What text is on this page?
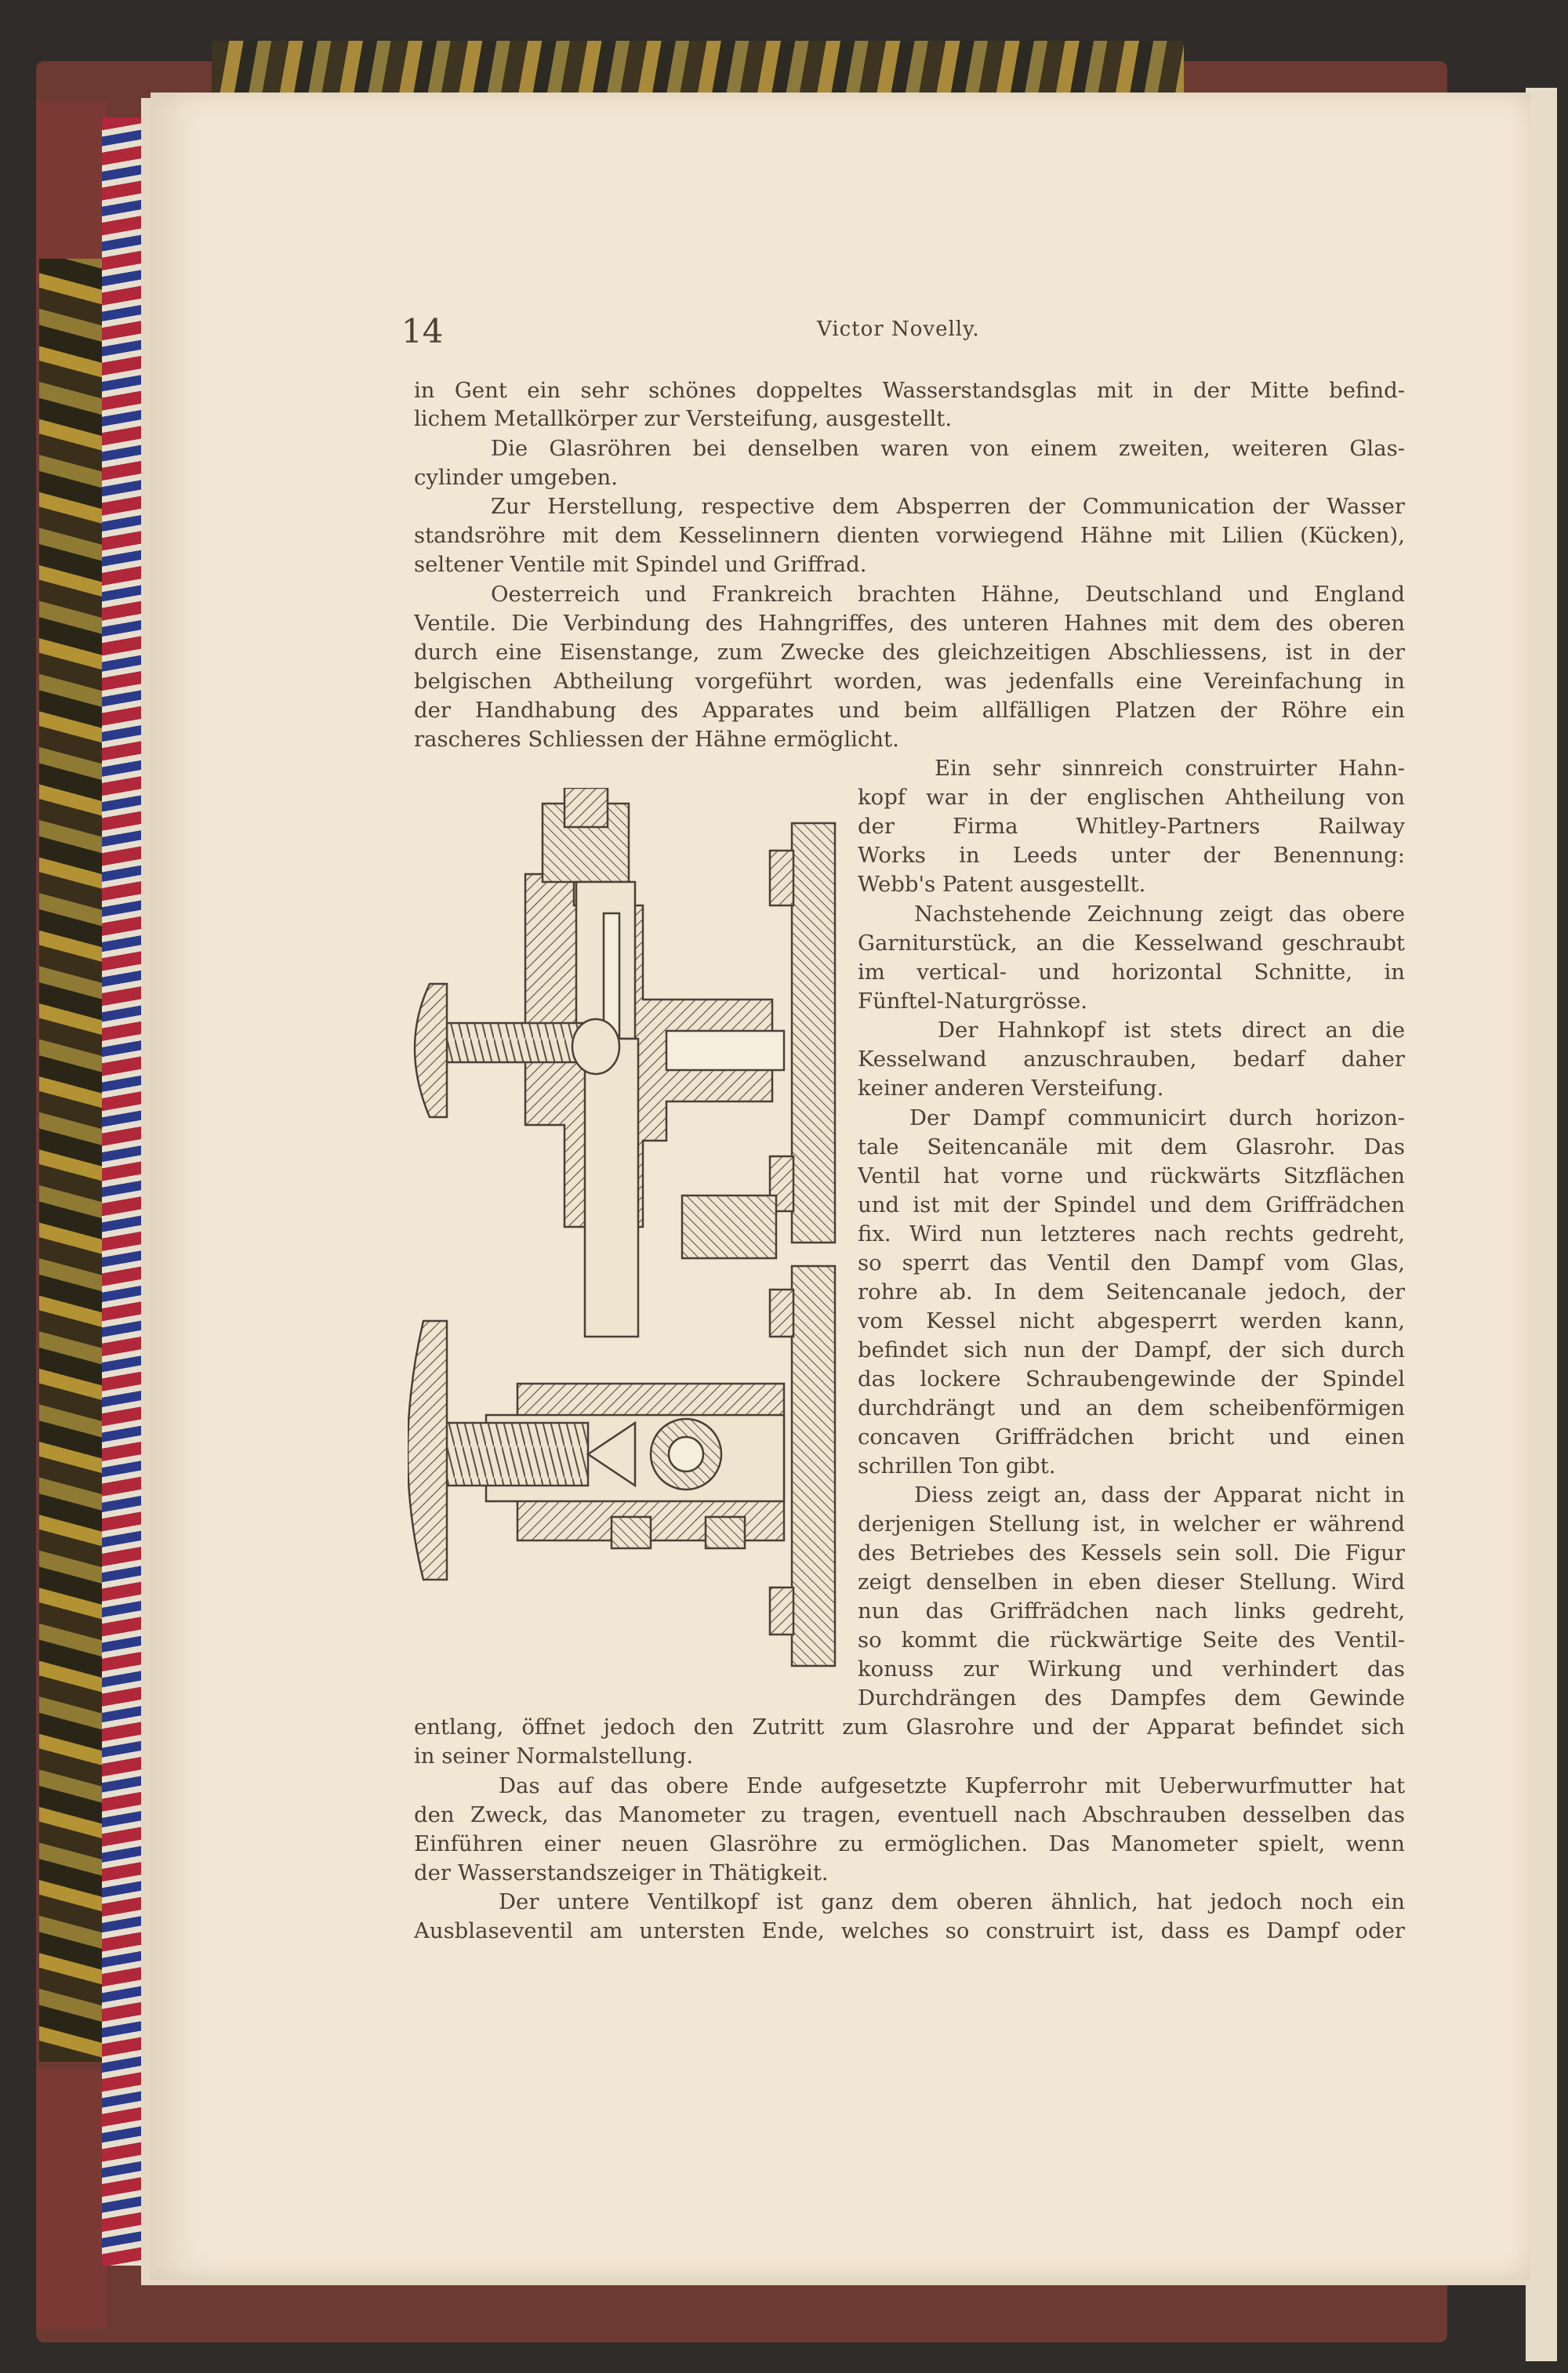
14	Victor Novelly.
in Gent ein sehr schönes doppeltes Wasserstandsglas mit in der Mitte befind-
lichem Metallkörper zur Versteifung, ausgestellt.
Die Glasröhren bei denselben waren von einem zweiten, weiteren Glas-
cylinder umgeben.
Zur Herstellung, respective dem Absperren der Communication der Wasser
standsröhre mit dem Kesselinnern dienten vorwiegend Hähne mit Lilien (Kücken),
seltener Ventile mit Spindel und Griffrad.
Oesterreich und Frankreich brachten Hähne, Deutschland und England
Ventile. Die Verbindung des Hahngriffes, des unteren Hahnes mit dem des oberen
durch eine Eisenstange, zum Zwecke des gleichzeitigen Abschliessens, ist in der
belgischen Abtheilung vorgeführt worden, was jedenfalls eine Vereinfachung in
der Handhabung des Apparates und beim allfälligen Platzen der Röhre ein
rascheres Schliessen der Hähne ermöglicht.
Ein sehr sinnreich construirter Hahn-
kopf war in der englischen Ahtheilung von
der Firma Whitley-Partners Railway
Works in Leeds unter der Benennung:
Webb's Patent ausgestellt.
Nachstehende Zeichnung zeigt das obere
Garniturstück, an die Kesselwand geschraubt
im vertical- und horizontal Schnitte, in
Fünftel-Naturgrösse.
Der Hahnkopf ist stets direct an die
Kesselwand anzuschrauben, bedarf daher
keiner anderen Versteifung.
Der Dampf communicirt durch horizon-
tale Seitencanäle mit dem Glasrohr. Das
Ventil hat vorne und rückwärts Sitzflächen
und ist mit der Spindel und dem Griffrädchen
fix. Wird nun letzteres nach rechts gedreht,
so sperrt das Ventil den Dampf vom Glas,
rohre ab. In dem Seitencanale jedoch, der
vom Kessel nicht abgesperrt werden kann,
befindet sich nun der Dampf, der sich durch
das lockere Schraubengewinde der Spindel
durchdrängt und an dem scheibenförmigen
concaven Griffrädchen bricht und einen
schrillen Ton gibt.
Diess zeigt an, dass der Apparat nicht in
derjenigen Stellung ist, in welcher er während
des Betriebes des Kessels sein soll. Die Figur
zeigt denselben in eben dieser Stellung. Wird
nun das Griffrädchen nach links gedreht,
so kommt die rückwärtige Seite des Ventil-
konuss zur Wirkung und verhindert das
Durchdrängen des Dampfes dem Gewinde
entlang, öffnet jedoch den Zutritt zum Glasrohre und der Apparat befindet sich
in seiner Normalstellung.
Das auf das obere Ende aufgesetzte Kupferrohr mit Ueberwurfmutter hat
den Zweck, das Manometer zu tragen, eventuell nach Abschrauben desselben das
Einführen einer neuen Glasröhre zu ermöglichen. Das Manometer spielt, wenn
der Wasserstandszeiger in Thätigkeit.
Der untere Ventilkopf ist ganz dem oberen ähnlich, hat jedoch noch ein
Ausblaseventil am untersten Ende, welches so construirt ist, dass es Dampf oder
